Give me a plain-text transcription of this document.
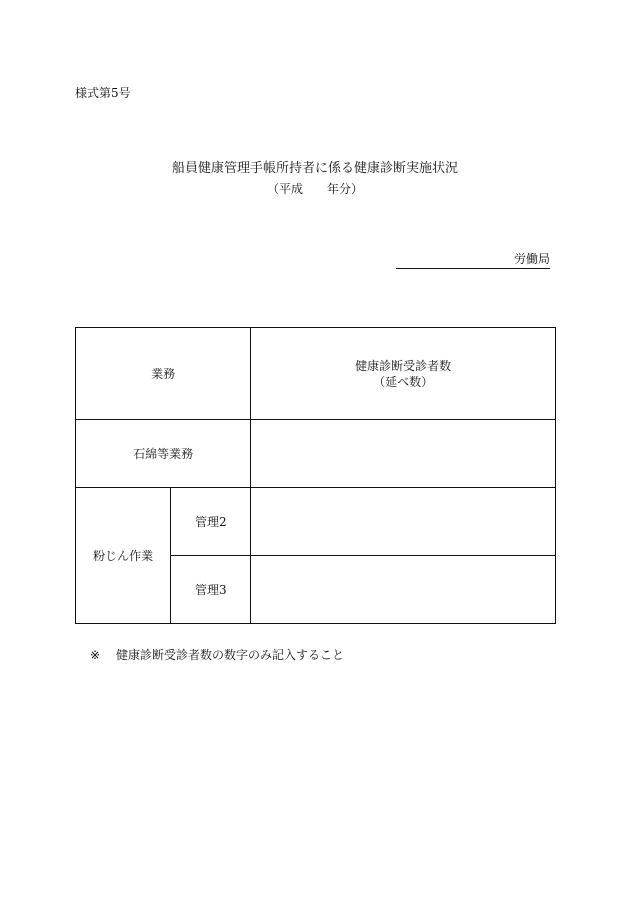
様式第5号
船員健康管理手帳所持者に係る健康診断実施状況
（平成　　年分）
労働局
業務		健康診断受診者数
（延べ数）

石綿等業務		
粉じん作業	管理2	
	管理3	
※ 健康診断受診者数の数字のみ記入すること
